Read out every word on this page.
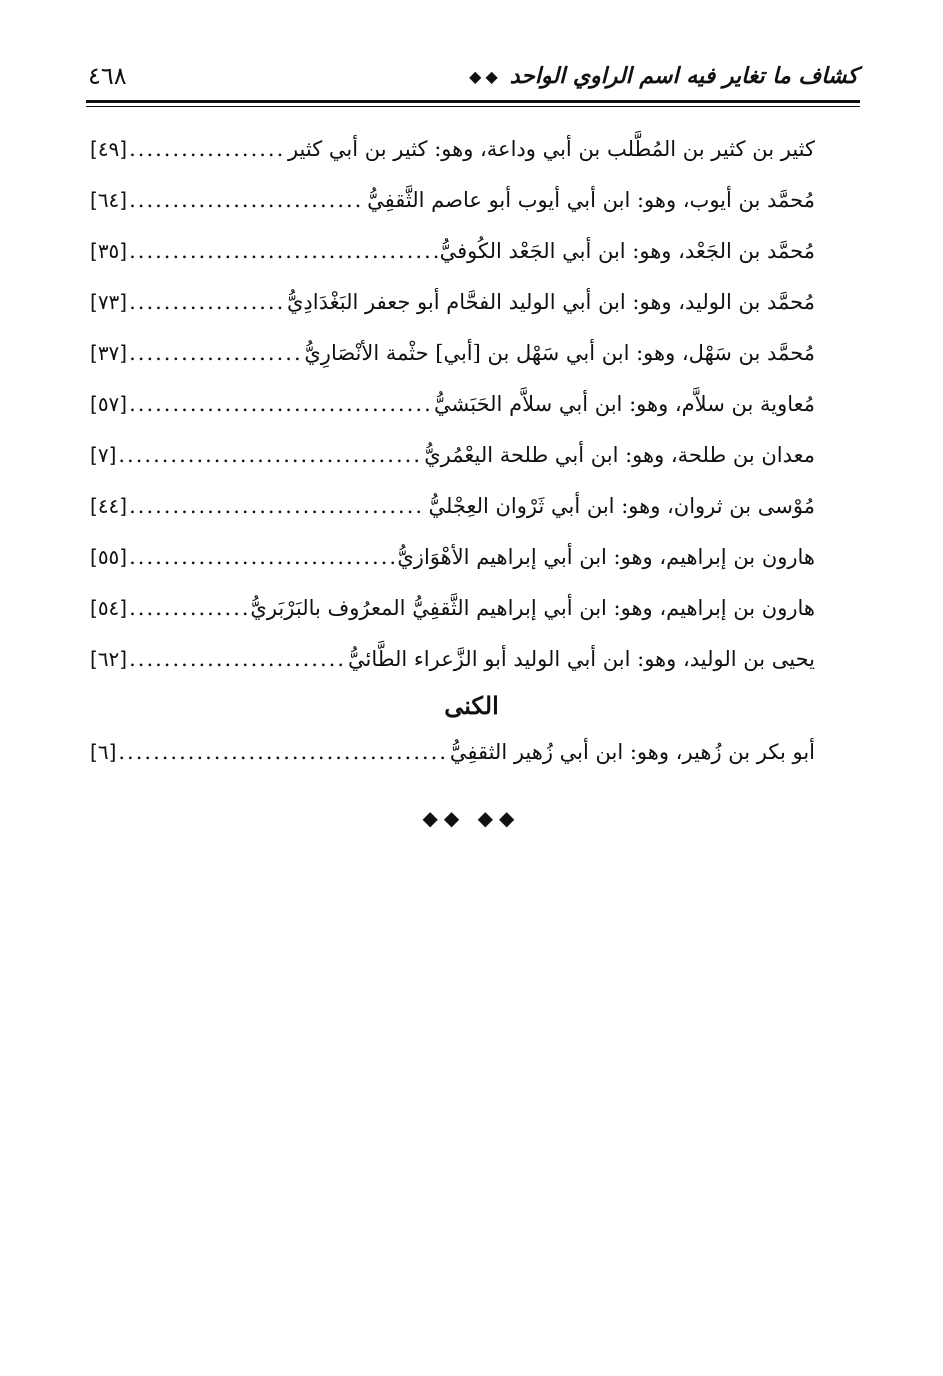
كشاف ما تغاير فيه اسم الراوي الواحد
◆◆
٤٦٨
كثير بن كثير بن المُطَّلب بن أبي وداعة، وهو: كثير بن أبي كثير
.....
[٤٩]
مُحمَّد بن أيوب، وهو: ابن أبي أيوب أبو عاصم الثَّقفِيُّ
.....
[٦٤]
مُحمَّد بن الجَعْد، وهو: ابن أبي الجَعْد الكُوفيُّ
.....
[٣٥]
مُحمَّد بن الوليد، وهو: ابن أبي الوليد الفحَّام أبو جعفر البَغْدَادِيُّ
.....
[٧٣]
مُحمَّد بن سَهْل، وهو: ابن أبي سَهْل بن [أبي] حثْمة الأنْصَارِيُّ
.....
[٣٧]
مُعاوية بن سلاَّم، وهو: ابن أبي سلاَّم الحَبَشيُّ
.....
[٥٧]
معدان بن طلحة، وهو: ابن أبي طلحة اليعْمُريُّ
.....
[٧]
مُوْسى بن ثروان، وهو: ابن أبي ثَرْوان العِجْليُّ
.....
[٤٤]
هارون بن إبراهيم، وهو: ابن أبي إبراهيم الأهْوَازيُّ
.....
[٥٥]
هارون بن إبراهيم، وهو: ابن أبي إبراهيم الثَّقفِيُّ المعرُوف بالبَرْبَريُّ
.....
[٥٤]
يحيى بن الوليد، وهو: ابن أبي الوليد أبو الزَّعراء الطَّائيُّ
.....
[٦٢]
الكنى
أبو بكر بن زُهير، وهو: ابن أبي زُهير الثقفِيُّ
.....
[٦]
◆◆ ◆◆
